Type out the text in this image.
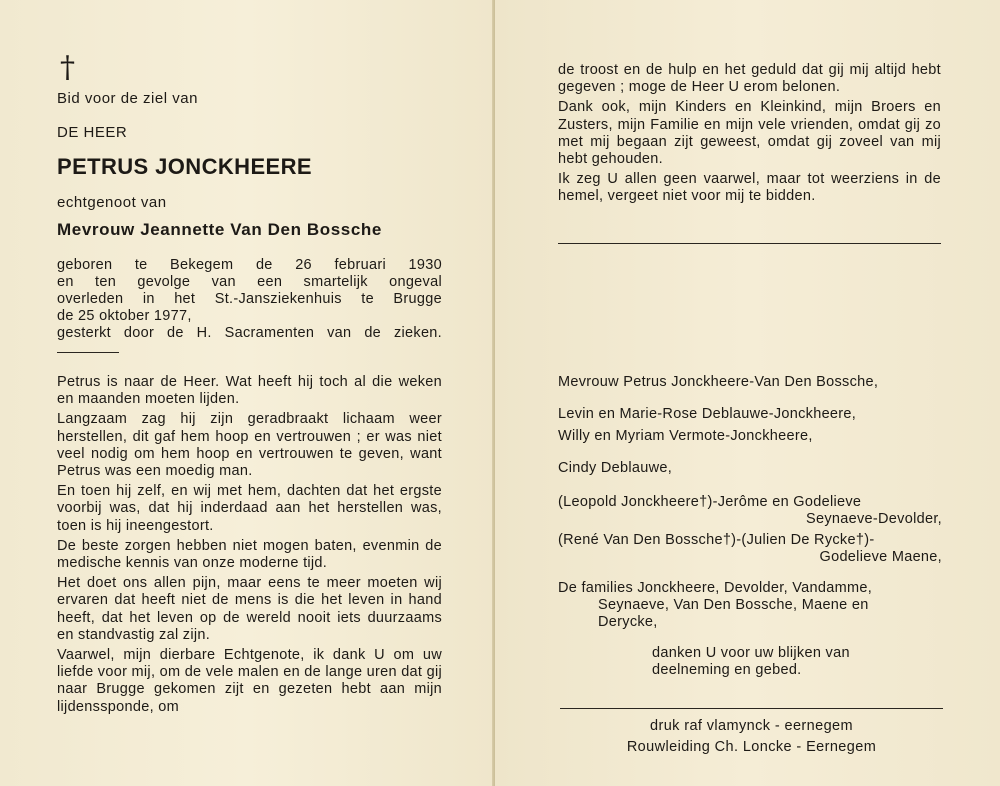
†
Bid voor de ziel van
DE HEER
PETRUS JONCKHEERE
echtgenoot van
Mevrouw Jeannette Van Den Bossche

geboren te Bekegem de 26 februari 1930

en ten gevolge van een smartelijk ongeval

overleden in het St.-Jansziekenhuis te Brugge

de 25 oktober 1977,

gesterkt door de H. Sacramenten van de zieken.

Petrus is naar de Heer. Wat heeft hij toch al die weken en maanden moeten lijden.

Langzaam zag hij zijn geradbraakt lichaam weer herstellen, dit gaf hem hoop en vertrouwen ; er was niet veel nodig om hem hoop en vertrouwen te geven, want Petrus was een moedig man.

En toen hij zelf, en wij met hem, dachten dat het ergste voorbij was, dat hij inderdaad aan het herstellen was, toen is hij ineengestort.

De beste zorgen hebben niet mogen baten, evenmin de medische kennis van onze moderne tijd.

Het doet ons allen pijn, maar eens te meer moeten wij ervaren dat heeft niet de mens is die het leven in hand heeft, dat het leven op de wereld nooit iets duurzaams en standvastig zal zijn.

Vaarwel, mijn dierbare Echtgenote, ik dank U om uw liefde voor mij, om de vele malen en de lange uren dat gij naar Brugge gekomen zijt en gezeten hebt aan mijn lijdenssponde, om

de troost en de hulp en het geduld dat gij mij altijd hebt gegeven ; moge de Heer U erom belonen.

Dank ook, mijn Kinders en Kleinkind, mijn Broers en Zusters, mijn Familie en mijn vele vrienden, omdat gij zo met mij begaan zijt geweest, omdat gij zoveel van mij hebt gehouden.

Ik zeg U allen geen vaarwel, maar tot weerziens in de hemel, vergeet niet voor mij te bidden.

Mevrouw Petrus Jonckheere-Van Den Bossche,
Levin en Marie-Rose Deblauwe-Jonckheere,
Willy en Myriam Vermote-Jonckheere,
Cindy Deblauwe,
(Leopold Jonckheere†)-Jerôme en Godelieve
Seynaeve-Devolder,
(René Van Den Bossche†)-(Julien De Rycke†)-
Godelieve Maene,
De families Jonckheere, Devolder, Vandamme,
Seynaeve, Van Den Bossche, Maene en
Derycke,
danken U voor uw blijken van
deelneming en gebed.
druk raf vlamynck - eernegem
Rouwleiding Ch. Loncke - Eernegem
